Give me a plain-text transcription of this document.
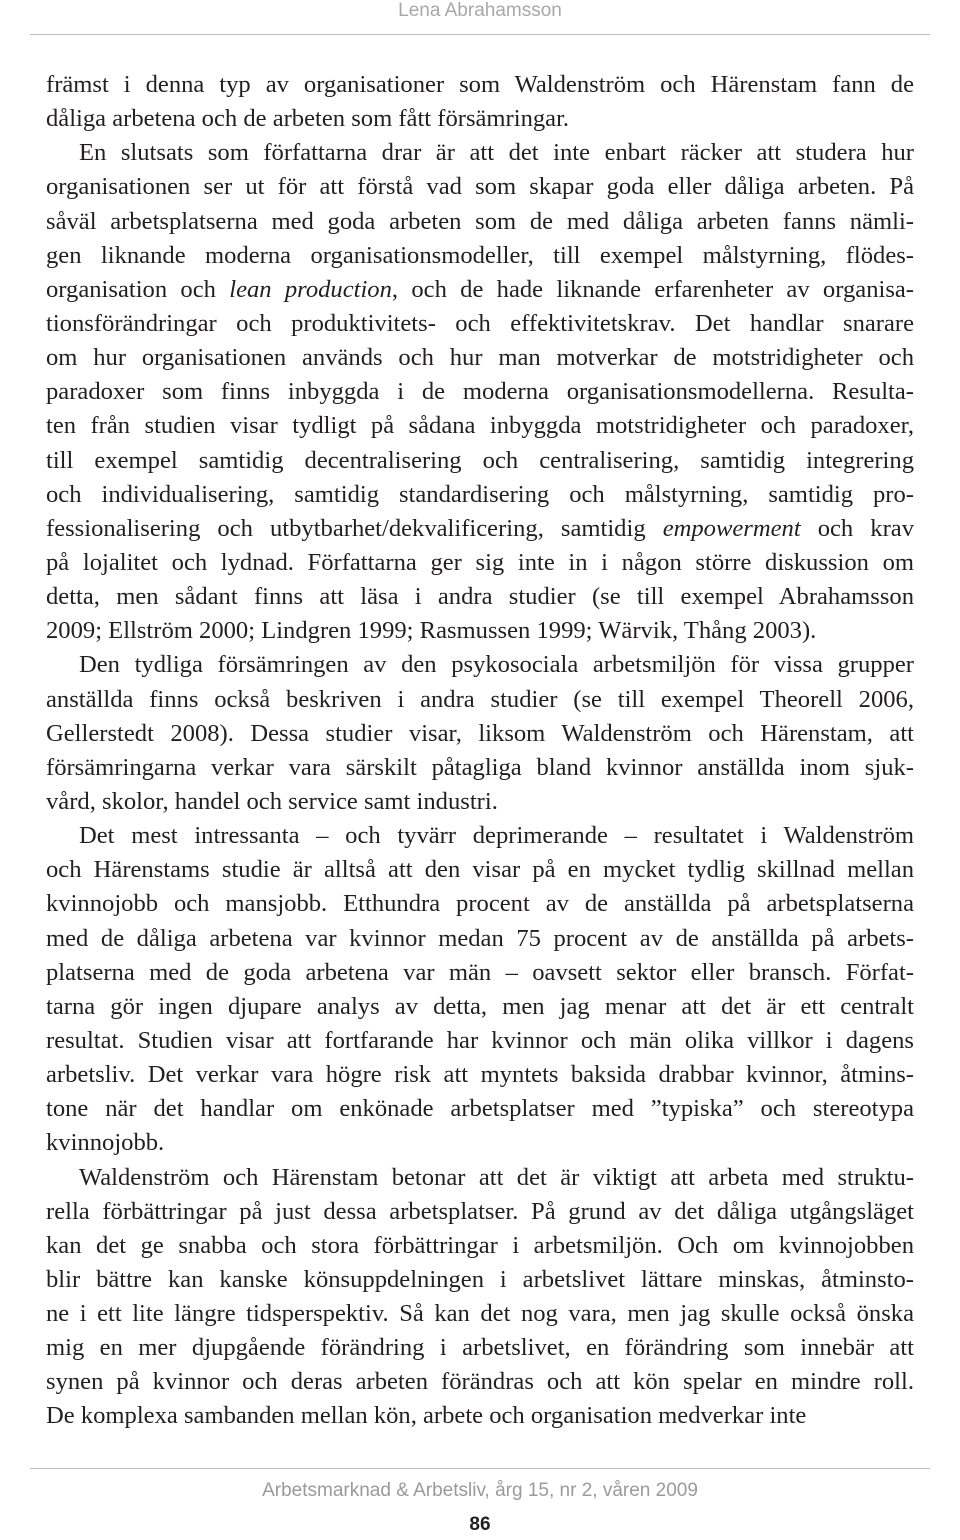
Lena Abrahamsson
främst i denna typ av organisationer som Waldenström och Härenstam fann de
dåliga arbetena och de arbeten som fått försämringar.
En slutsats som författarna drar är att det inte enbart räcker att studera hur
organisationen ser ut för att förstå vad som skapar goda eller dåliga arbeten. På
såväl arbetsplatserna med goda arbeten som de med dåliga arbeten fanns nämli-
gen liknande moderna organisationsmodeller, till exempel målstyrning, flödes-
organisation och lean production, och de hade liknande erfarenheter av organisa-
tionsförändringar och produktivitets- och effektivitetskrav. Det handlar snarare
om hur organisationen används och hur man motverkar de motstridigheter och
paradoxer som finns inbyggda i de moderna organisationsmodellerna. Resulta-
ten från studien visar tydligt på sådana inbyggda motstridigheter och paradoxer,
till exempel samtidig decentralisering och centralisering, samtidig integrering
och individualisering, samtidig standardisering och målstyrning, samtidig pro-
fessionalisering och utbytbarhet/dekvalificering, samtidig empowerment och krav
på lojalitet och lydnad. Författarna ger sig inte in i någon större diskussion om
detta, men sådant finns att läsa i andra studier (se till exempel Abrahamsson
2009; Ellström 2000; Lindgren 1999; Rasmussen 1999; Wärvik, Thång 2003).
Den tydliga försämringen av den psykosociala arbetsmiljön för vissa grupper
anställda finns också beskriven i andra studier (se till exempel Theorell 2006,
Gellerstedt 2008). Dessa studier visar, liksom Waldenström och Härenstam, att
försämringarna verkar vara särskilt påtagliga bland kvinnor anställda inom sjuk-
vård, skolor, handel och service samt industri.
Det mest intressanta – och tyvärr deprimerande – resultatet i Waldenström
och Härenstams studie är alltså att den visar på en mycket tydlig skillnad mellan
kvinnojobb och mansjobb. Etthundra procent av de anställda på arbetsplatserna
med de dåliga arbetena var kvinnor medan 75 procent av de anställda på arbets-
platserna med de goda arbetena var män – oavsett sektor eller bransch. Förfat-
tarna gör ingen djupare analys av detta, men jag menar att det är ett centralt
resultat. Studien visar att fortfarande har kvinnor och män olika villkor i dagens
arbetsliv. Det verkar vara högre risk att myntets baksida drabbar kvinnor, åtmins-
tone när det handlar om enkönade arbetsplatser med ”typiska” och stereotypa
kvinnojobb.
Waldenström och Härenstam betonar att det är viktigt att arbeta med struktu-
rella förbättringar på just dessa arbetsplatser. På grund av det dåliga utgångsläget
kan det ge snabba och stora förbättringar i arbetsmiljön. Och om kvinnojobben
blir bättre kan kanske könsuppdelningen i arbetslivet lättare minskas, åtminsto-
ne i ett lite längre tidsperspektiv. Så kan det nog vara, men jag skulle också önska
mig en mer djupgående förändring i arbetslivet, en förändring som innebär att
synen på kvinnor och deras arbeten förändras och att kön spelar en mindre roll.
De komplexa sambanden mellan kön, arbete och organisation medverkar inte
Arbetsmarknad & Arbetsliv, årg 15, nr 2, våren 2009
86
